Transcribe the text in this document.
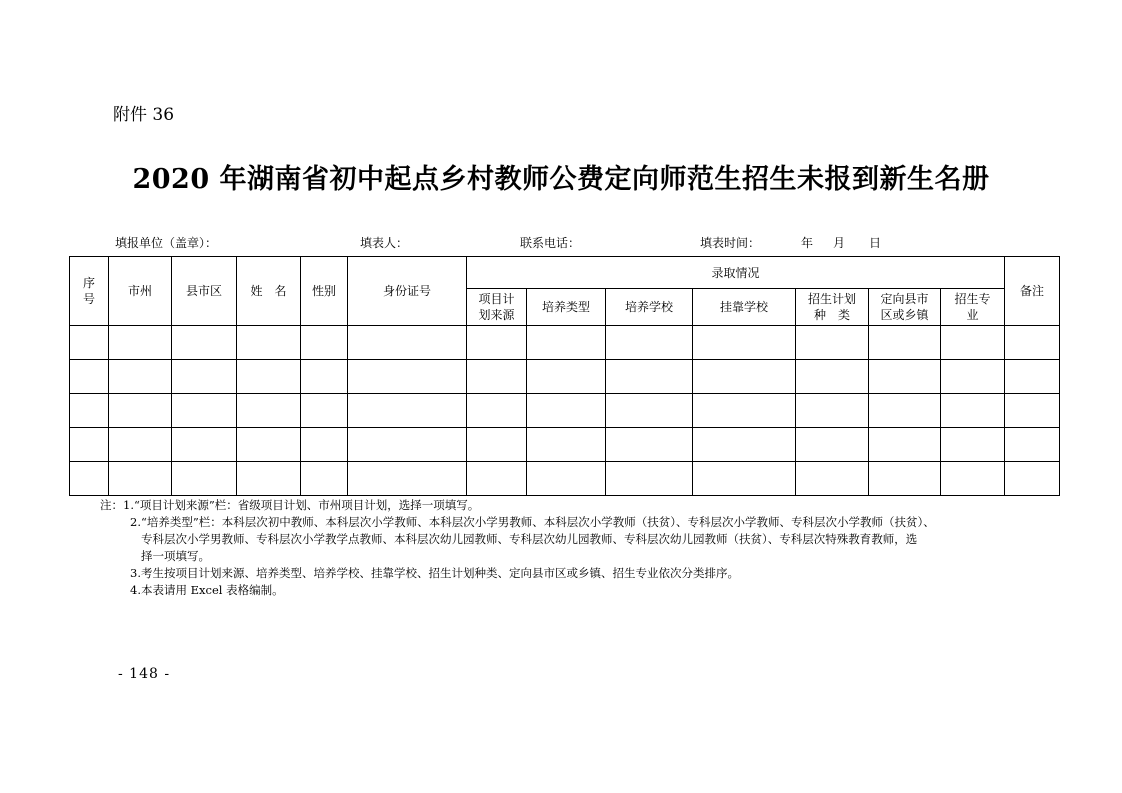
附件 36
2020 年湖南省初中起点乡村教师公费定向师范生招生未报到新生名册
填报单位（盖章）：	填表人：	联系电话：	填表时间：	年 月 日
序号	市州	县市区	姓　名	性别	身份证号	录取情况							备注
						项目计划来源	培养类型	培养学校	挂靠学校	招生计划种　类	定向县市区或乡镇	招生专业	

注：1.“项目计划来源”栏：省级项目计划、市州项目计划，选择一项填写。
2.“培养类型”栏：本科层次初中教师、本科层次小学教师、本科层次小学男教师、本科层次小学教师（扶贫）、专科层次小学教师、专科层次小学教师（扶贫）、
专科层次小学男教师、专科层次小学教学点教师、本科层次幼儿园教师、专科层次幼儿园教师、专科层次幼儿园教师（扶贫）、专科层次特殊教育教师，选
择一项填写。
3.考生按项目计划来源、培养类型、培养学校、挂靠学校、招生计划种类、定向县市区或乡镇、招生专业依次分类排序。
4.本表请用 Excel 表格编制。
- 148 -
